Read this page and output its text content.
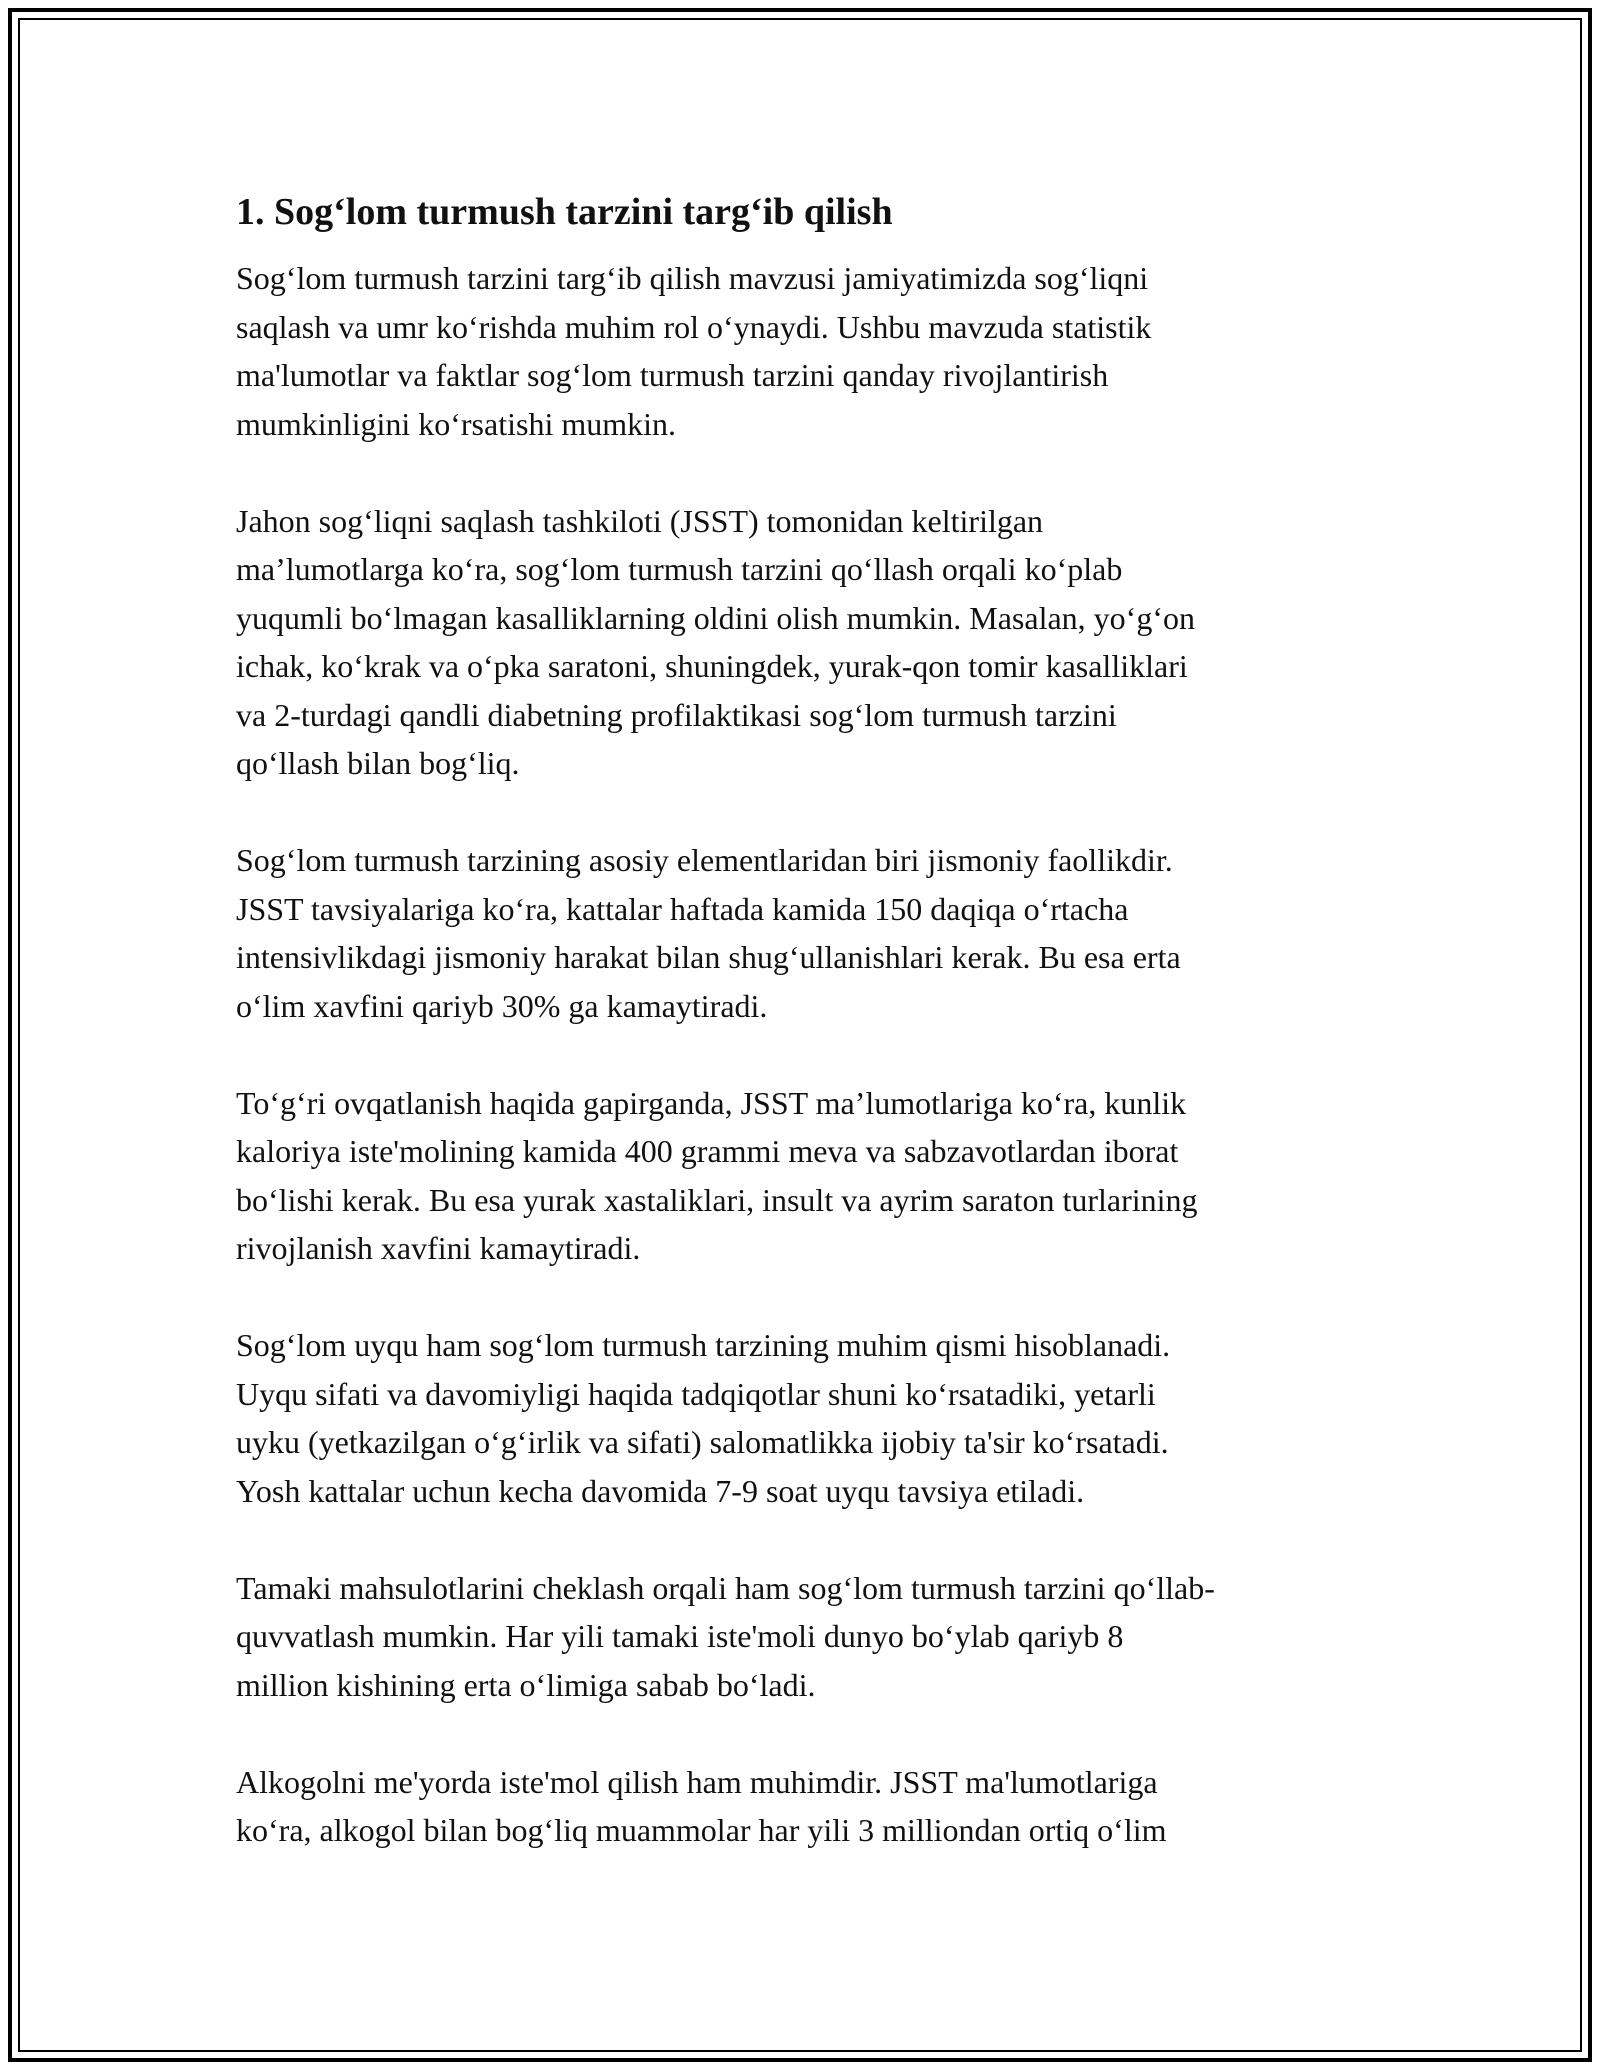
1. Sog‘lom turmush tarzini targ‘ib qilish

Sog‘lom turmush tarzini targ‘ib qilish mavzusi jamiyatimizda sog‘liqni
saqlash va umr ko‘rishda muhim rol o‘ynaydi. Ushbu mavzuda statistik
ma'lumotlar va faktlar sog‘lom turmush tarzini qanday rivojlantirish
mumkinligini ko‘rsatishi mumkin.

Jahon sog‘liqni saqlash tashkiloti (JSST) tomonidan keltirilgan
ma’lumotlarga ko‘ra, sog‘lom turmush tarzini qo‘llash orqali ko‘plab
yuqumli bo‘lmagan kasalliklarning oldini olish mumkin. Masalan, yo‘g‘on
ichak, ko‘krak va o‘pka saratoni, shuningdek, yurak-qon tomir kasalliklari
va 2-turdagi qandli diabetning profilaktikasi sog‘lom turmush tarzini
qo‘llash bilan bog‘liq.

Sog‘lom turmush tarzining asosiy elementlaridan biri jismoniy faollikdir.
JSST tavsiyalariga ko‘ra, kattalar haftada kamida 150 daqiqa o‘rtacha
intensivlikdagi jismoniy harakat bilan shug‘ullanishlari kerak. Bu esa erta
o‘lim xavfini qariyb 30% ga kamaytiradi.

To‘g‘ri ovqatlanish haqida gapirganda, JSST ma’lumotlariga ko‘ra, kunlik
kaloriya iste'molining kamida 400 grammi meva va sabzavotlardan iborat
bo‘lishi kerak. Bu esa yurak xastaliklari, insult va ayrim saraton turlarining
rivojlanish xavfini kamaytiradi.

Sog‘lom uyqu ham sog‘lom turmush tarzining muhim qismi hisoblanadi.
Uyqu sifati va davomiyligi haqida tadqiqotlar shuni ko‘rsatadiki, yetarli
uyku (yetkazilgan o‘g‘irlik va sifati) salomatlikka ijobiy ta'sir ko‘rsatadi.
Yosh kattalar uchun kecha davomida 7-9 soat uyqu tavsiya etiladi.

Tamaki mahsulotlarini cheklash orqali ham sog‘lom turmush tarzini qo‘llab-
quvvatlash mumkin. Har yili tamaki iste'moli dunyo bo‘ylab qariyb 8
million kishining erta o‘limiga sabab bo‘ladi.

Alkogolni me'yorda iste'mol qilish ham muhimdir. JSST ma'lumotlariga
ko‘ra, alkogol bilan bog‘liq muammolar har yili 3 milliondan ortiq o‘lim
